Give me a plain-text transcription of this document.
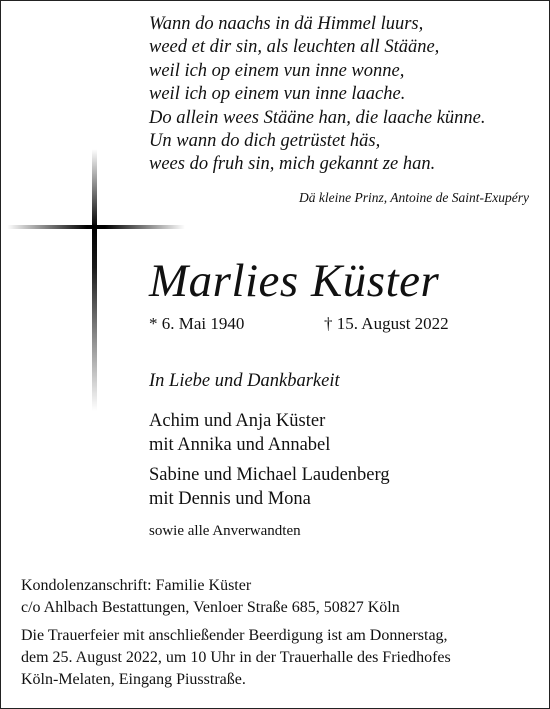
Wann do naachs in dä Himmel luurs,
weed et dir sin, als leuchten all Stääne,
weil ich op einem vun inne wonne,
weil ich op einem vun inne laache.
Do allein wees Stääne han, die laache künne.
Un wann do dich getrüstet häs,
wees do fruh sin, mich gekannt ze han.
Dä kleine Prinz, Antoine de Saint-Exupéry
Marlies Küster
* 6. Mai 1940	† 15. August 2022
In Liebe und Dankbarkeit
Achim und Anja Küster
mit Annika und Annabel
Sabine und Michael Laudenberg
mit Dennis und Mona
sowie alle Anverwandten
Kondolenzanschrift: Familie Küster
c/o Ahlbach Bestattungen, Venloer Straße 685, 50827 Köln
Die Trauerfeier mit anschließender Beerdigung ist am Donnerstag,
dem 25. August 2022, um 10 Uhr in der Trauerhalle des Friedhofes
Köln-Melaten, Eingang Piusstraße.
